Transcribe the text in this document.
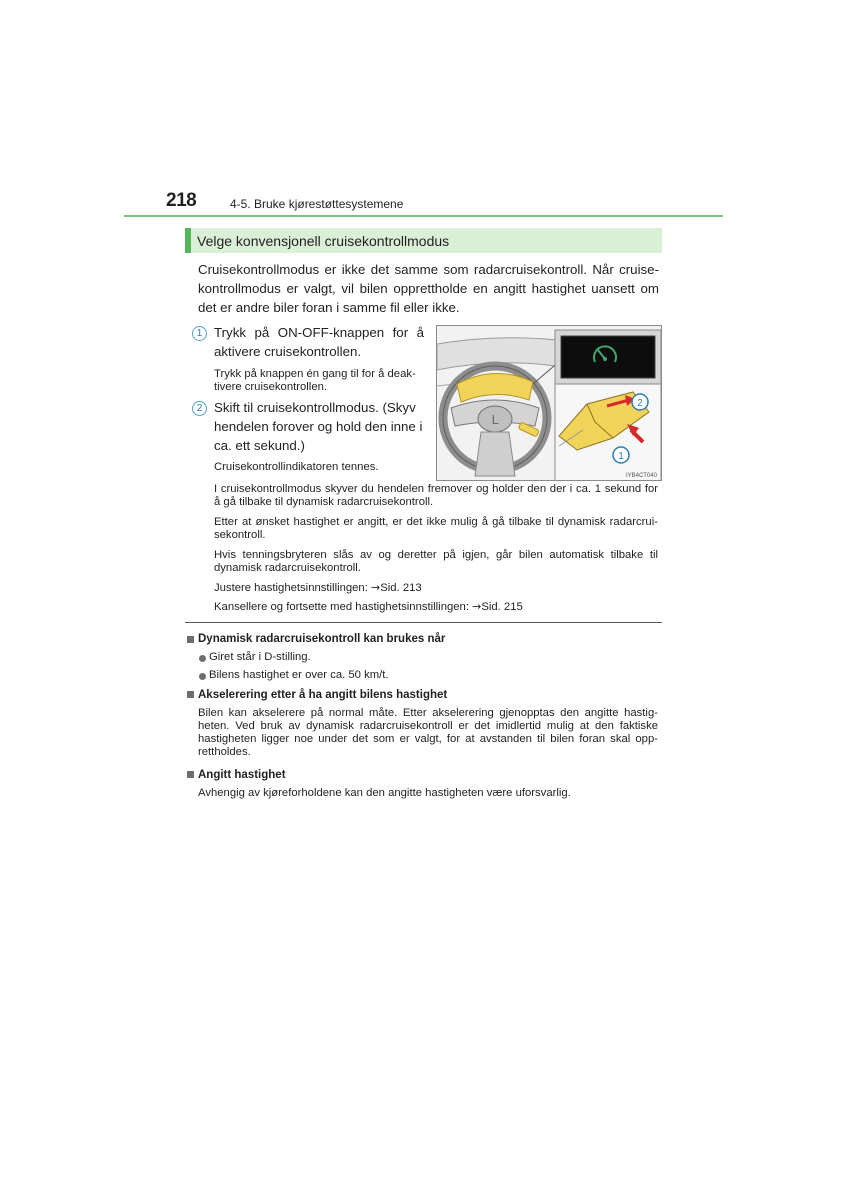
218	4-5. Bruke kjørestøttesystemene
Velge konvensjonell cruisekontrollmodus

Cruisekontrollmodus er ikke det samme som radarcruisekontroll. Når cruise-kontrollmodus er valgt, vil bilen opprettholde en angitt hastighet uansett om det er andre biler foran i samme fil eller ikke.

1 Trykk på ON-OFF-knappen for å aktivere cruisekontrollen.

Trykk på knappen én gang til for å deak-tivere cruisekontrollen.

2 Skift til cruisekontrollmodus. (Skyv hendelen forover og hold den inne i ca. ett sekund.)

Cruisekontrollindikatoren tennes.

L
2
1
IYB4CT040

I cruisekontrollmodus skyver du hendelen fremover og holder den der i ca. 1 sekund for å gå tilbake til dynamisk radarcruisekontroll.

Etter at ønsket hastighet er angitt, er det ikke mulig å gå tilbake til dynamisk radarcrui-sekontroll.

Hvis tenningsbryteren slås av og deretter på igjen, går bilen automatisk tilbake til dynamisk radarcruisekontroll.

Justere hastighetsinnstillingen: →Sid. 213

Kansellere og fortsette med hastighetsinnstillingen: →Sid. 215

Dynamisk radarcruisekontroll kan brukes når

Giret står i D-stilling.

Bilens hastighet er over ca. 50 km/t.

Akselerering etter å ha angitt bilens hastighet

Bilen kan akselerere på normal måte. Etter akselerering gjenopptas den angitte hastig-heten. Ved bruk av dynamisk radarcruisekontroll er det imidlertid mulig at den faktiske hastigheten ligger noe under det som er valgt, for at avstanden til bilen foran skal opp-rettholdes.

Angitt hastighet

Avhengig av kjøreforholdene kan den angitte hastigheten være uforsvarlig.
